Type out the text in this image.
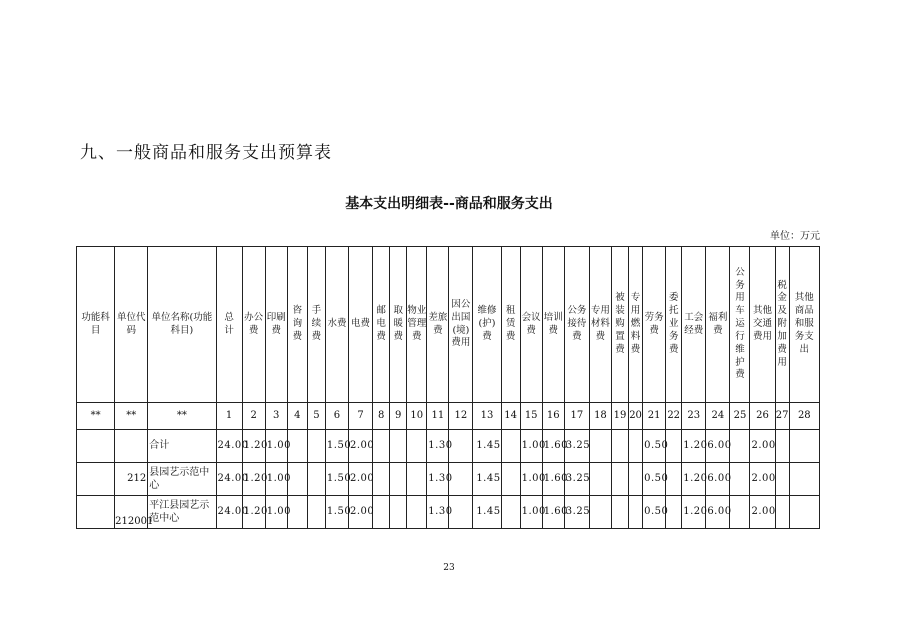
九、一般商品和服务支出预算表
基本支出明细表--商品和服务支出
单位：万元
功能科目	单位代码	单位名称(功能科目)	总计	办公费	印刷费	咨询费	手续费	水费	电费	邮电费	取暖费	物业管理费	差旅费	因公出国(境)费用	维修(护)费	租赁费	会议费	培训费	公务接待费	专用材料费	被装购置费	专用燃料费	劳务费	委托业务费	工会经费	福利费	公务用车运行维护费	其他交通费用	税金及附加费用	其他商品和服务支出
**	**	**	1	2	3	4	5	6	7	8	9	10	11	12	13	14	15	16	17	18	19	20	21	22	23	24	25	26	27	28
		合计	24.00	1.20	1.00			1.50	2.00				1.30		1.45		1.00	1.60	3.25				0.50		1.20	6.00		2.00		
	212	县园艺示范中心	24.00	1.20	1.00			1.50	2.00				1.30		1.45		1.00	1.60	3.25				0.50		1.20	6.00		2.00		
	212001	平江县园艺示范中心	24.00	1.20	1.00			1.50	2.00				1.30		1.45		1.00	1.60	3.25				0.50		1.20	6.00		2.00		
23
